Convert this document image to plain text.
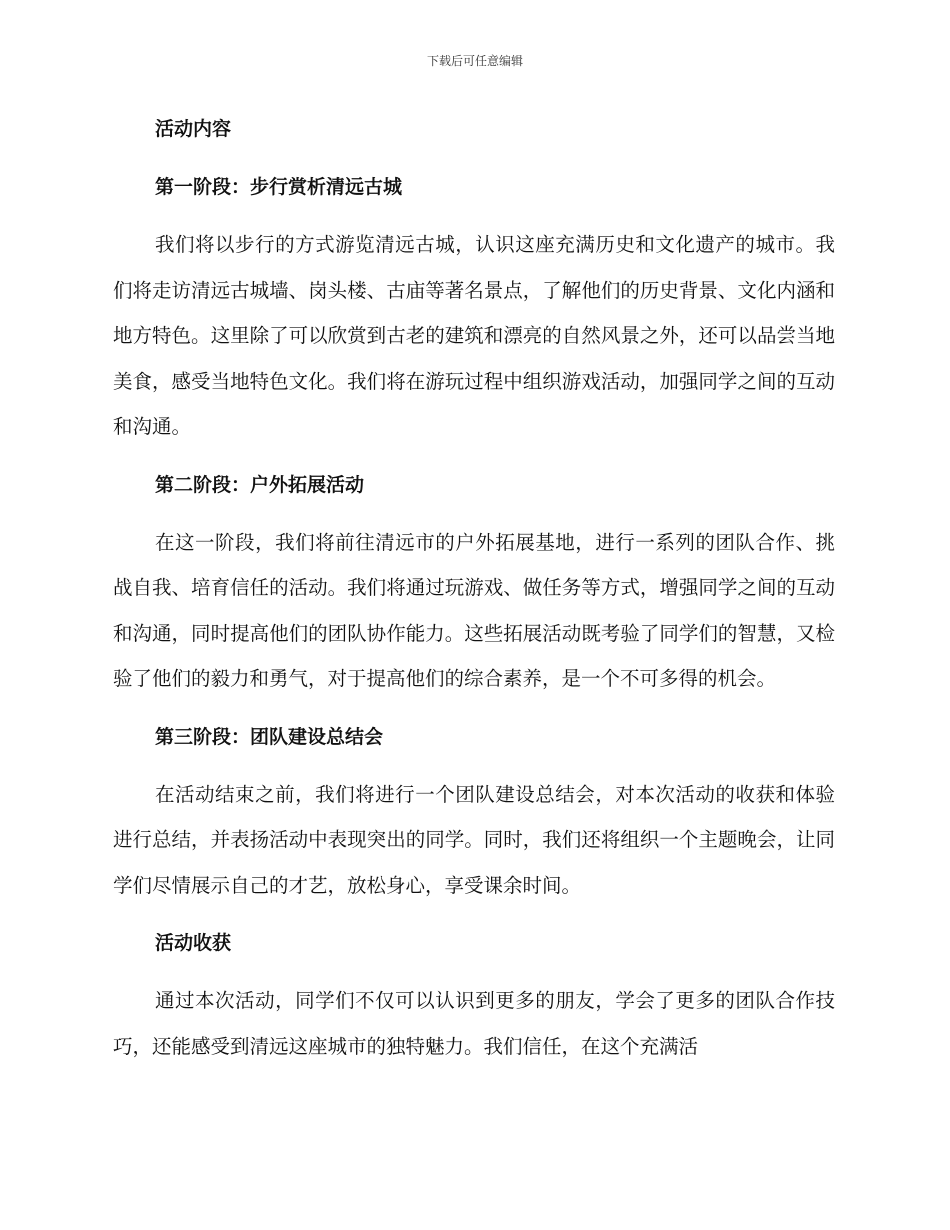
下载后可任意编辑
活动内容
第一阶段：步行赏析清远古城

我们将以步行的方式游览清远古城，认识这座充满历史和文化遗产的城市。我们将走访清远古城墙、岗头楼、古庙等著名景点，了解他们的历史背景、文化内涵和地方特色。这里除了可以欣赏到古老的建筑和漂亮的自然风景之外，还可以品尝当地美食，感受当地特色文化。我们将在游玩过程中组织游戏活动，加强同学之间的互动和沟通。

第二阶段：户外拓展活动

在这一阶段，我们将前往清远市的户外拓展基地，进行一系列的团队合作、挑战自我、培育信任的活动。我们将通过玩游戏、做任务等方式，增强同学之间的互动和沟通，同时提高他们的团队协作能力。这些拓展活动既考验了同学们的智慧，又检验了他们的毅力和勇气，对于提高他们的综合素养，是一个不可多得的机会。

第三阶段：团队建设总结会

在活动结束之前，我们将进行一个团队建设总结会，对本次活动的收获和体验进行总结，并表扬活动中表现突出的同学。同时，我们还将组织一个主题晚会，让同学们尽情展示自己的才艺，放松身心，享受课余时间。

活动收获

通过本次活动，同学们不仅可以认识到更多的朋友，学会了更多的团队合作技巧，还能感受到清远这座城市的独特魅力。我们信任，在这个充满活
